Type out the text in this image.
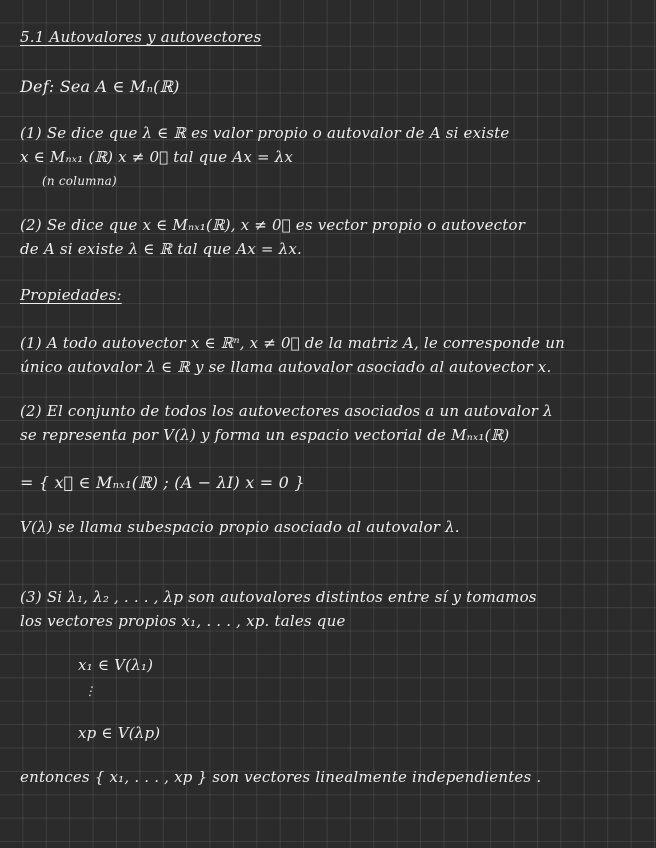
5.1 Autovalores y autovectores
Def: Sea A ∈ Mₙ(ℝ)
(1) Se dice que λ ∈ ℝ es valor propio o autovalor de A si existe
x ∈ Mₙₓ₁ (ℝ) x ≠ 0⃗ tal que Ax = λx
(n columna)
(2) Se dice que x ∈ Mₙₓ₁(ℝ), x ≠ 0⃗ es vector propio o autovector
de A si existe λ ∈ ℝ tal que Ax = λx.
Propiedades:
(1) A todo autovector x ∈ ℝⁿ, x ≠ 0⃗ de la matriz A, le corresponde un
único autovalor λ ∈ ℝ y se llama autovalor asociado al autovector x.
(2) El conjunto de todos los autovectores asociados a un autovalor λ
se representa por V(λ) y forma un espacio vectorial de Mₙₓ₁(ℝ)
= { x⃗ ∈ Mₙₓ₁(ℝ) ; (A − λI) x = 0 }
V(λ) se llama subespacio propio asociado al autovalor λ.
(3) Si λ₁, λ₂ , . . . , λp son autovalores distintos entre sí y tomamos
los vectores propios x₁, . . . , xp. tales que
x₁ ∈ V(λ₁)
⋮
xp ∈ V(λp)
entonces { x₁, . . . , xp } son vectores linealmente independientes .
